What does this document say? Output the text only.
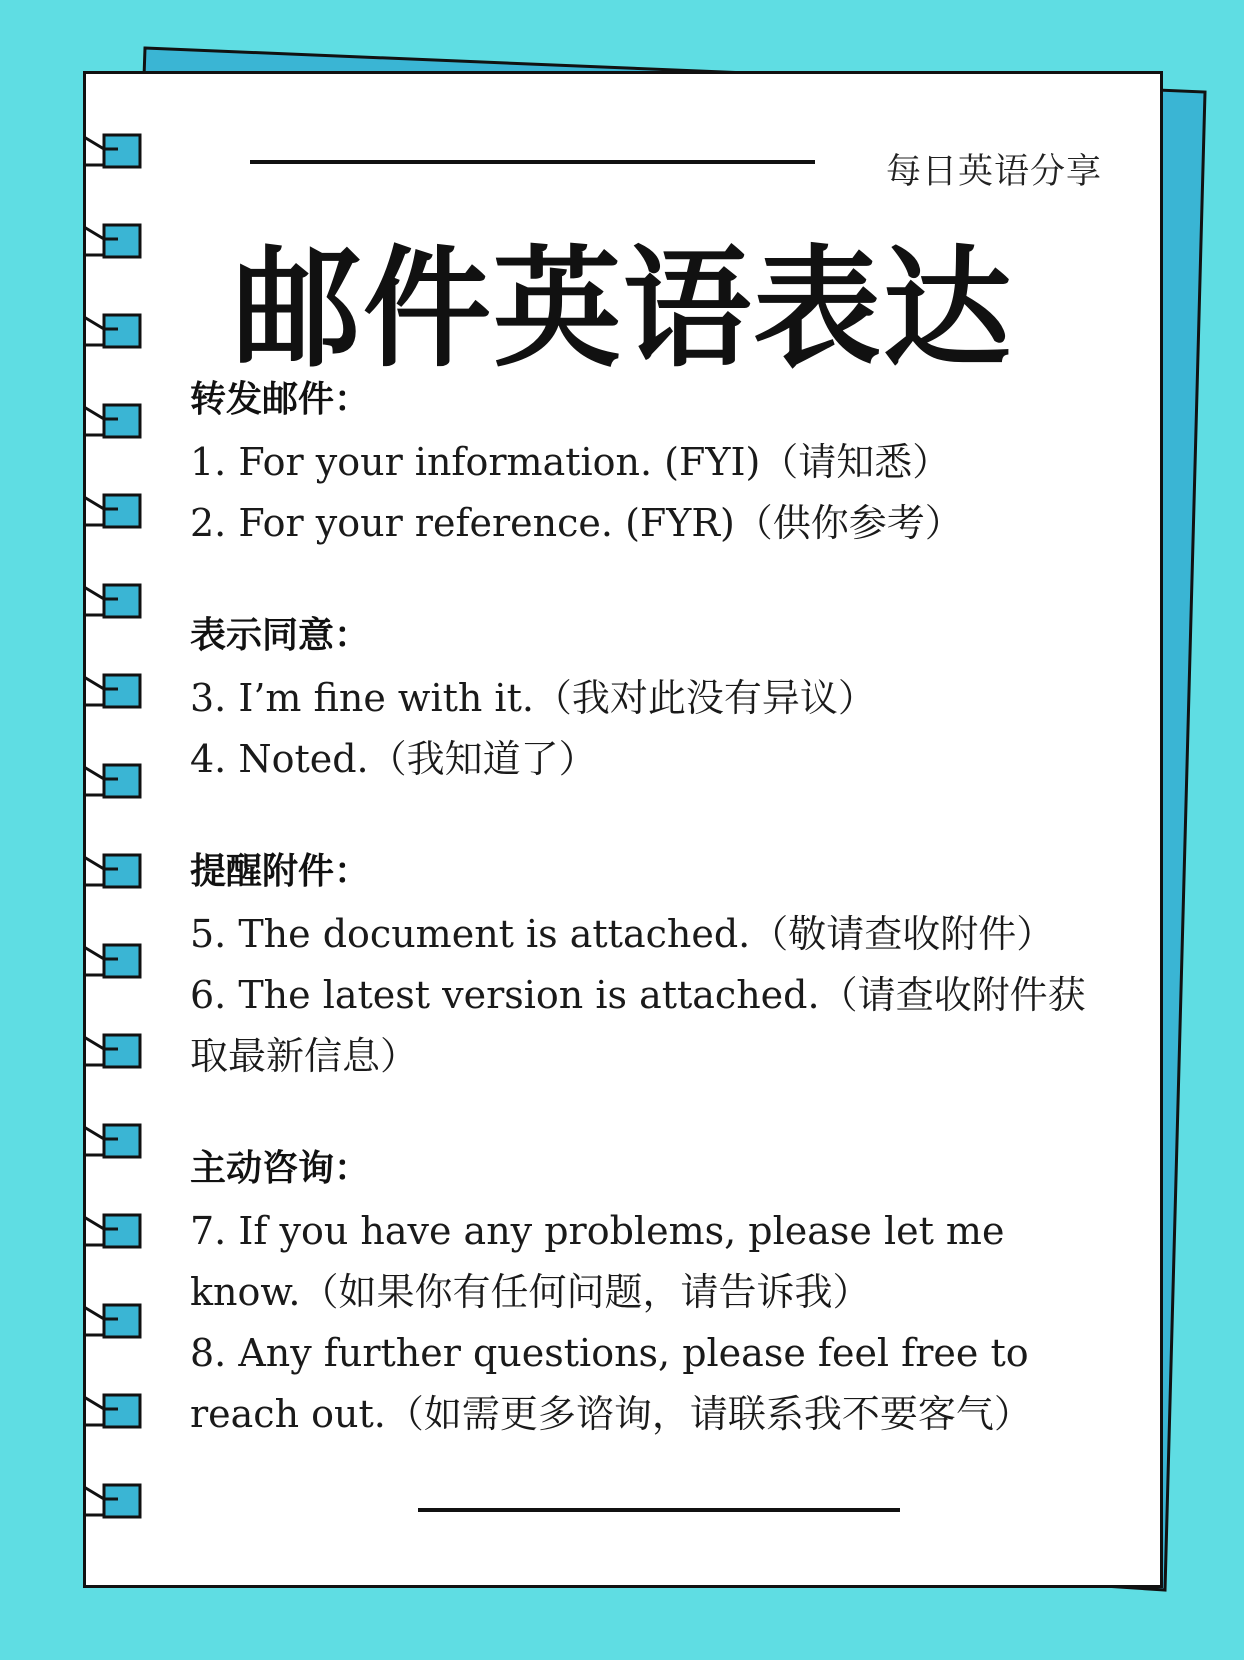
每日英语分享
邮件英语表达
转发邮件：
1. For your information. (FYI)（请知悉）
2. For your reference. (FYR)（供你参考）
表示同意：
3. I’m fine with it.（我对此没有异议）
4. Noted.（我知道了）
提醒附件：
5. The document is attached.（敬请查收附件）
6. The latest version is attached.（请查收附件获取最新信息）
主动咨询：
7. If you have any problems, please let me know.（如果你有任何问题，请告诉我）
8. Any further questions, please feel free to reach out.（如需更多谘询，请联系我不要客气）
